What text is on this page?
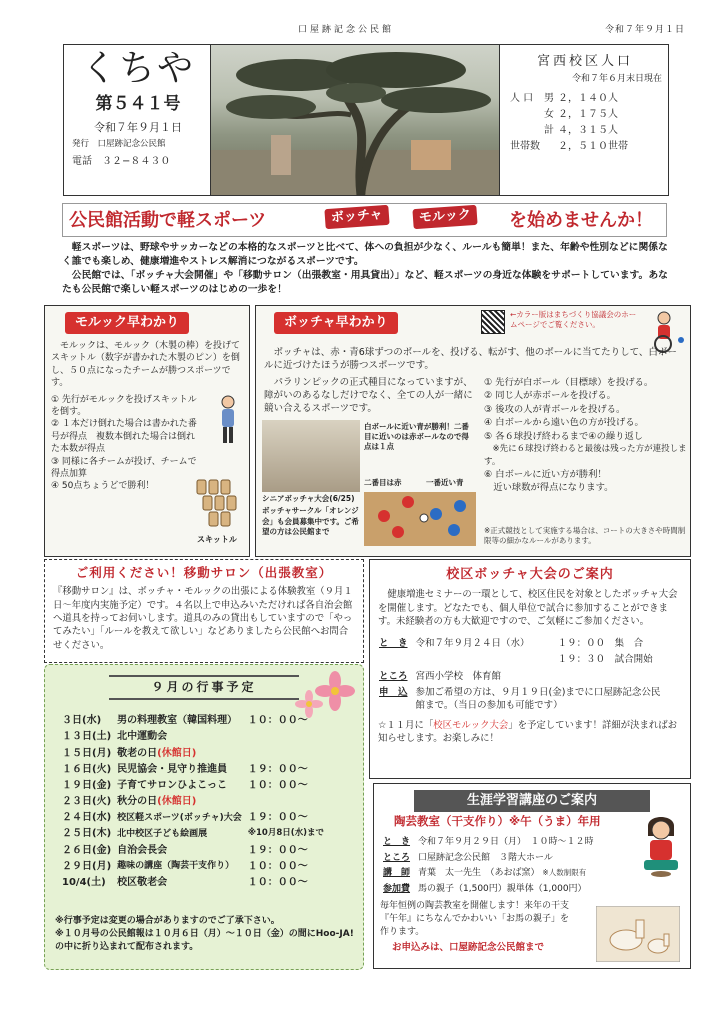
口屋跡記念公民館	令和７年９月１日
くちや
第５４１号
令和７年９月１日
発行　 口屋跡記念公民館
電話　 ３２−８４３０
宮西校区人口
令和７年６月末日現在
人 口	男	２，１４０人
	女	２，１７５人
	計	４，３１５人
世帯数		２，５１０世帯
公民館活動で軽スポーツ	ボッチャ	モルック	を始めませんか！

軽スポーツは、野球やサッカーなどの本格的なスポーツと比べて、体への負担が少なく、ルールも簡単！また、年齢や性別などに関係なく誰でも楽しめ、健康増進やストレス解消につながるスポーツです。

公民館では、「ボッチャ大会開催」や「移動サロン（出張教室・用具貸出）」など、軽スポーツの身近な体験をサポートしています。あなたも公民館で楽しい軽スポーツのはじめの一歩を！

モルック早わかり

モルックは、モルック（木製の棒）を投げてスキットル（数字が書かれた木製のピン）を倒し、５０点になったチームが勝つスポーツです。

① 先行がモルックを投げスキットルを倒す。
② １本だけ倒れた場合は書かれた番号が得点　複数本倒れた場合は倒れた本数が得点
③ 同様に各チームが投げ、チームで得点加算
④ 50点ちょうどで勝利！
スキットル
ボッチャ早わかり
←カラー版はまちづくり協議会のホームページでご覧ください。

ボッチャは、赤・青6球ずつのボールを、投げる、転がす、他のボールに当てたりして、白ボールに近づけたほうが勝つスポーツです。

パラリンピックの正式種目になっていますが、障がいのあるなしだけでなく、全ての人が一緒に競い合えるスポーツです。

シニアボッチャ大会(6/25)
ボッチャサークル「オレンジ会」も会員募集中です。ご希望の方は公民館まで
白ボールに近い青が勝利！二番目に近いのは赤ボールなので得点は１点
二番目は赤	一番近い青
① 先行が白ボール（目標球）を投げる。
② 同じ人が赤ボールを投げる。
③ 後攻の人が青ボールを投げる。
④ 白ボールから遠い色の方が投げる。
⑤ 各６球投げ終わるまで④の繰り返し
　※先に６球投げ終わると最後は残った方が連投します。
⑥ 白ボールに近い方が勝利！
　近い球数が得点になります。
※正式競技として実施する場合は、コートの大きさや時間制限等の細かなルールがあります。
ご利用ください！移動サロン（出張教室）

『移動サロン』は、ボッチャ・モルックの出張による体験教室（９月１日〜年度内実施予定）です。４名以上で申込みいただければ各自治会館へ道具を持ってお伺いします。道具のみの貸出もしていますので「やってみたい」「ルールを教えて欲しい」などありましたら公民館へお問合せください。

校区ボッチャ大会のご案内

健康増進セミナーの一環として、校区住民を対象としたボッチャ大会を開催します。どなたでも、個人単位で試合に参加することができます。未経験者の方も大歓迎ですので、ご気軽にご参加ください。

と　き	令和７年９月２４日（水）	１９：００　集　合
		１９：３０　試合開始
ところ	宮西小学校　体育館	
申　込	参加ご希望の方は、９月１９日(金)までに口屋跡記念公民館まで。（当日の参加も可能です）	

☆１１月に「校区モルック大会」を予定しています！詳細が決まればお知らせします。お楽しみに！

９月の行事予定
３日(水)	男の料理教室（韓国料理）	１０：００〜
１３日(土)	北中運動会	
１５日(月)	敬老の日(休館日)	
１６日(火)	民児協会・見守り推進員	１９：００〜
１９日(金)	子育てサロンひよこっこ	１０：００〜
２３日(火)	秋分の日(休館日)	
２４日(水)	校区軽スポーツ(ボッチャ)大会	１９：００〜
２５日(木)	北中校区子ども絵画展	※10月8日(水)まで
２６日(金)	自治会長会	１９：００〜
２９日(月)	趣味の講座（陶芸干支作り）	１０：００〜
10/4(土)	校区敬老会	１０：００〜
※行事予定は変更の場合がありますのでご了承下さい。
※１０月号の公民館報は１０月６日（月）〜１０日（金）の間にHoo-JA!の中に折り込まれて配布されます。
生涯学習講座のご案内
陶芸教室（干支作り）※午（うま）年用
と　き	令和７年９月２９日（月）　１０時〜１２時
ところ	口屋跡記念公民館　３階大ホール
講　師	青葉　太一先生　（あおば窯） ※人数制限有
参加費	馬の親子（1,500円）親単体（1,000円）

毎年恒例の陶芸教室を開催します！来年の干支『午年』にちなんでかわいい「お馬の親子」を作ります。

お申込みは、口屋跡記念公民館まで
